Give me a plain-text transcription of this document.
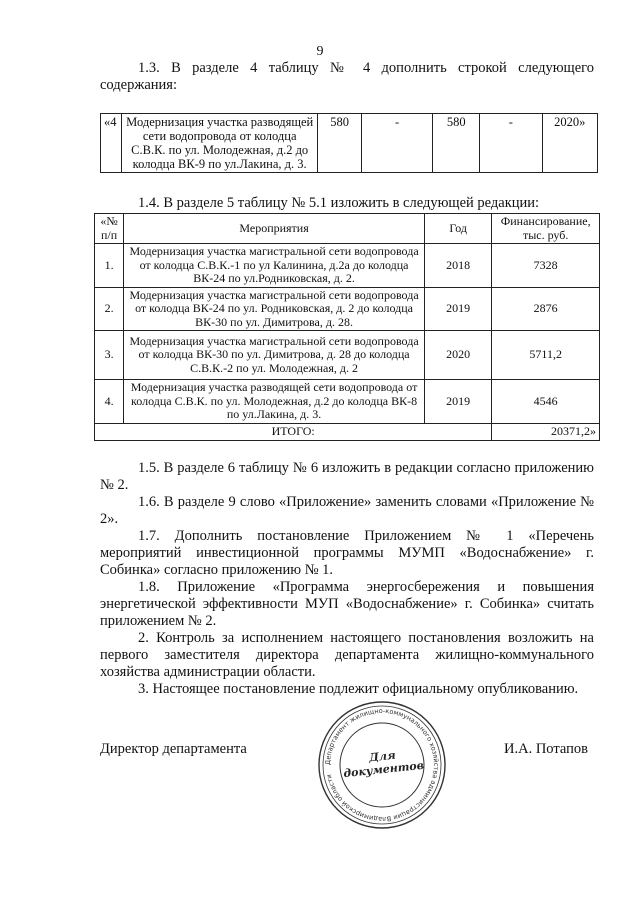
9

1.3. В разделе 4 таблицу № 4 дополнить строкой следующего содержания:

«4	Модернизация участка разводящей сети водопровода от колодца С.В.К. по ул. Молодежная, д.2 до колодца ВК-9 по ул.Лакина, д. 3.	580	-	580	-	2020»

1.4. В разделе 5 таблицу № 5.1 изложить в следующей редакции:

«№ п/п	Мероприятия	Год	Финансирование, тыс. руб.
1.	Модернизация участка магистральной сети водопровода от колодца С.В.К.-1 по ул Калинина, д.2а до колодца ВК-24 по ул.Родниковская, д. 2.	2018	7328
2.	Модернизация участка магистральной сети водопровода от колодца ВК-24 по ул. Родниковская, д. 2 до колодца ВК-30 по ул. Димитрова, д. 28.	2019	2876
3.	Модернизация участка магистральной сети водопровода от колодца ВК-30 по ул. Димитрова, д. 28 до колодца С.В.К.-2 по ул. Молодежная, д. 2	2020	5711,2
4.	Модернизация участка разводящей сети водопровода от колодца С.В.К. по ул. Молодежная, д.2 до колодца ВК-8 по ул.Лакина, д. 3.	2019	4546
ИТОГО:			20371,2»

1.5. В разделе 6 таблицу № 6 изложить в редакции согласно приложению № 2.

1.6. В разделе 9 слово «Приложение» заменить словами «Приложение № 2».

1.7. Дополнить постановление Приложением № 1 «Перечень мероприятий инвестиционной программы МУМП «Водоснабжение» г. Собинка» согласно приложению № 1.

1.8. Приложение «Программа энергосбережения и повышения энергетической эффективности МУП «Водоснабжение» г. Собинка» считать приложением № 2.

2. Контроль за исполнением настоящего постановления возложить на первого заместителя директора департамента жилищно-коммунального хозяйства администрации области.

3. Настоящее постановление подлежит официальному опубликованию.

Директор департамента	И.А. Потапов
Департамент жилищно-коммунального хозяйства администрации Владимирской области
Для документов
